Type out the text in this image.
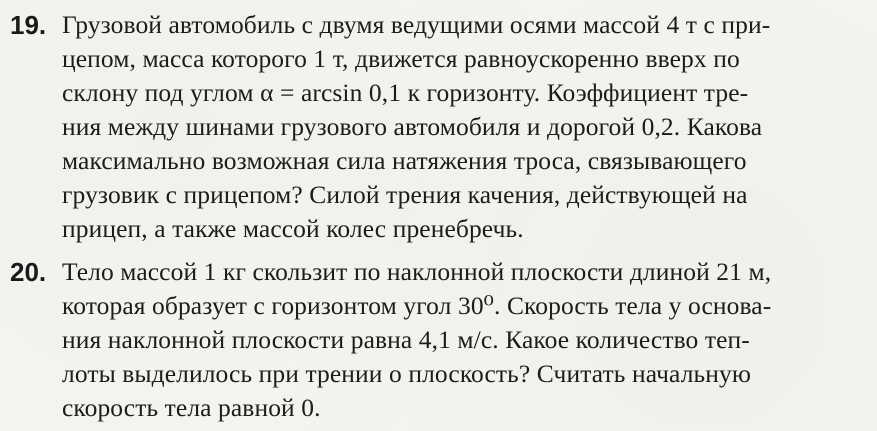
19. Грузовой автомобиль с двумя ведущими осями массой 4 т с при-
цепом, масса которого 1 т, движется равноускоренно вверх по
склону под углом α = arcsin 0,1 к горизонту. Коэффициент тре-
ния между шинами грузового автомобиля и дорогой 0,2. Какова
максимально возможная сила натяжения троса, связывающего
грузовик с прицепом? Силой трения качения, действующей на
прицеп, а также массой колес пренебречь.
20. Тело массой 1 кг скользит по наклонной плоскости длиной 21 м,
которая образует с горизонтом угол 30⁰. Скорость тела у основа-
ния наклонной плоскости равна 4,1 м/с. Какое количество теп-
лоты выделилось при трении о плоскость? Считать начальную
скорость тела равной 0.
